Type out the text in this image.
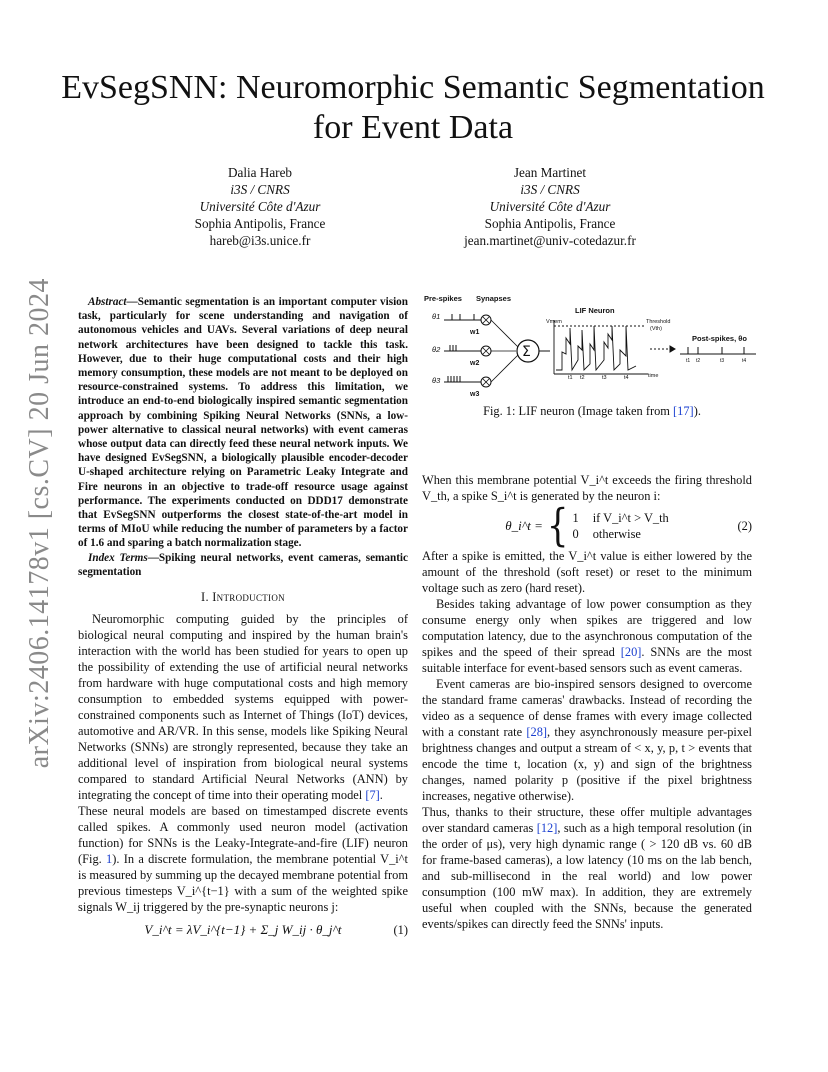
arXiv:2406.14178v1 [cs.CV] 20 Jun 2024
EvSegSNN: Neuromorphic Semantic Segmentation
for Event Data
Dalia Hareb
i3S / CNRS
Université Côte d'Azur
Sophia Antipolis, France
hareb@i3s.unice.fr
Jean Martinet
i3S / CNRS
Université Côte d'Azur
Sophia Antipolis, France
jean.martinet@univ-cotedazur.fr

Abstract—Semantic segmentation is an important computer vision task, particularly for scene understanding and navigation of autonomous vehicles and UAVs. Several variations of deep neural network architectures have been designed to tackle this task. However, due to their huge computational costs and their high memory consumption, these models are not meant to be deployed on resource-constrained systems. To address this limitation, we introduce an end-to-end biologically inspired semantic segmentation approach by combining Spiking Neural Networks (SNNs, a low-power alternative to classical neural networks) with event cameras whose output data can directly feed these neural network inputs. We have designed EvSegSNN, a biologically plausible encoder-decoder U-shaped architecture relying on Parametric Leaky Integrate and Fire neurons in an objective to trade-off resource usage against performance. The experiments conducted on DDD17 demonstrate that EvSegSNN outperforms the closest state-of-the-art model in terms of MIoU while reducing the number of parameters by a factor of 1.6 and sparing a batch normalization stage.

Index Terms—Spiking neural networks, event cameras, semantic segmentation

I. Introduction

Neuromorphic computing guided by the principles of biological neural computing and inspired by the human brain's interaction with the world has been studied for years to open up the possibility of extending the use of artificial neural networks from hardware with huge computational costs and high memory consumption to embedded systems equipped with power-constrained components such as Internet of Things (IoT) devices, automotive and AR/VR. In this sense, models like Spiking Neural Networks (SNNs) are strongly represented, because they take an additional level of inspiration from biological neural systems compared to standard Artificial Neural Networks (ANN) by integrating the concept of time into their operating model [7].

These neural models are based on timestamped discrete events called spikes. A commonly used neuron model (activation function) for SNNs is the Leaky-Integrate-and-fire (LIF) neuron (Fig. 1). In a discrete formulation, the membrane potential V_i^t is measured by summing up the decayed membrane potential from previous timesteps V_i^{t−1} with a sum of the weighted spike signals W_ij triggered by the pre-synaptic neurons j:

V_i^t = λV_i^{t−1} + Σ_j W_ij · θ_j^t	(1)
Pre-spikes Synapses
LIF Neuron
θ1
θ2
θ3
w1
w2
w3
Σ
Vmem	Threshold
(Vth)
time
t1 t2	t3	t4
Post-spikes, θo
t1 t2	t3	t4
Fig. 1: LIF neuron (Image taken from [17]).

When this membrane potential V_i^t exceeds the firing threshold V_th, a spike S_i^t is generated by the neuron i:

θ_i^t = { 1 if V_i^t > V_th
0 otherwise
(2)

After a spike is emitted, the V_i^t value is either lowered by the amount of the threshold (soft reset) or reset to the minimum voltage such as zero (hard reset).

Besides taking advantage of low power consumption as they consume energy only when spikes are triggered and low computation latency, due to the asynchronous computation of the spikes and the speed of their spread [20]. SNNs are the most suitable interface for event-based sensors such as event cameras.

Event cameras are bio-inspired sensors designed to overcome the standard frame cameras' drawbacks. Instead of recording the video as a sequence of dense frames with every image collected with a constant rate [28], they asynchronously measure per-pixel brightness changes and output a stream of < x, y, p, t > events that encode the time t, location (x, y) and sign of the brightness changes, named polarity p (positive if the pixel brightness increases, negative otherwise).

Thus, thanks to their structure, these offer multiple advantages over standard cameras [12], such as a high temporal resolution (in the order of μs), very high dynamic range ( > 120 dB vs. 60 dB for frame-based cameras), a low latency (10 ms on the lab bench, and sub-millisecond in the real world) and low power consumption (100 mW max). In addition, they are extremely useful when coupled with the SNNs, because the generated events/spikes can directly feed the SNNs' inputs.
